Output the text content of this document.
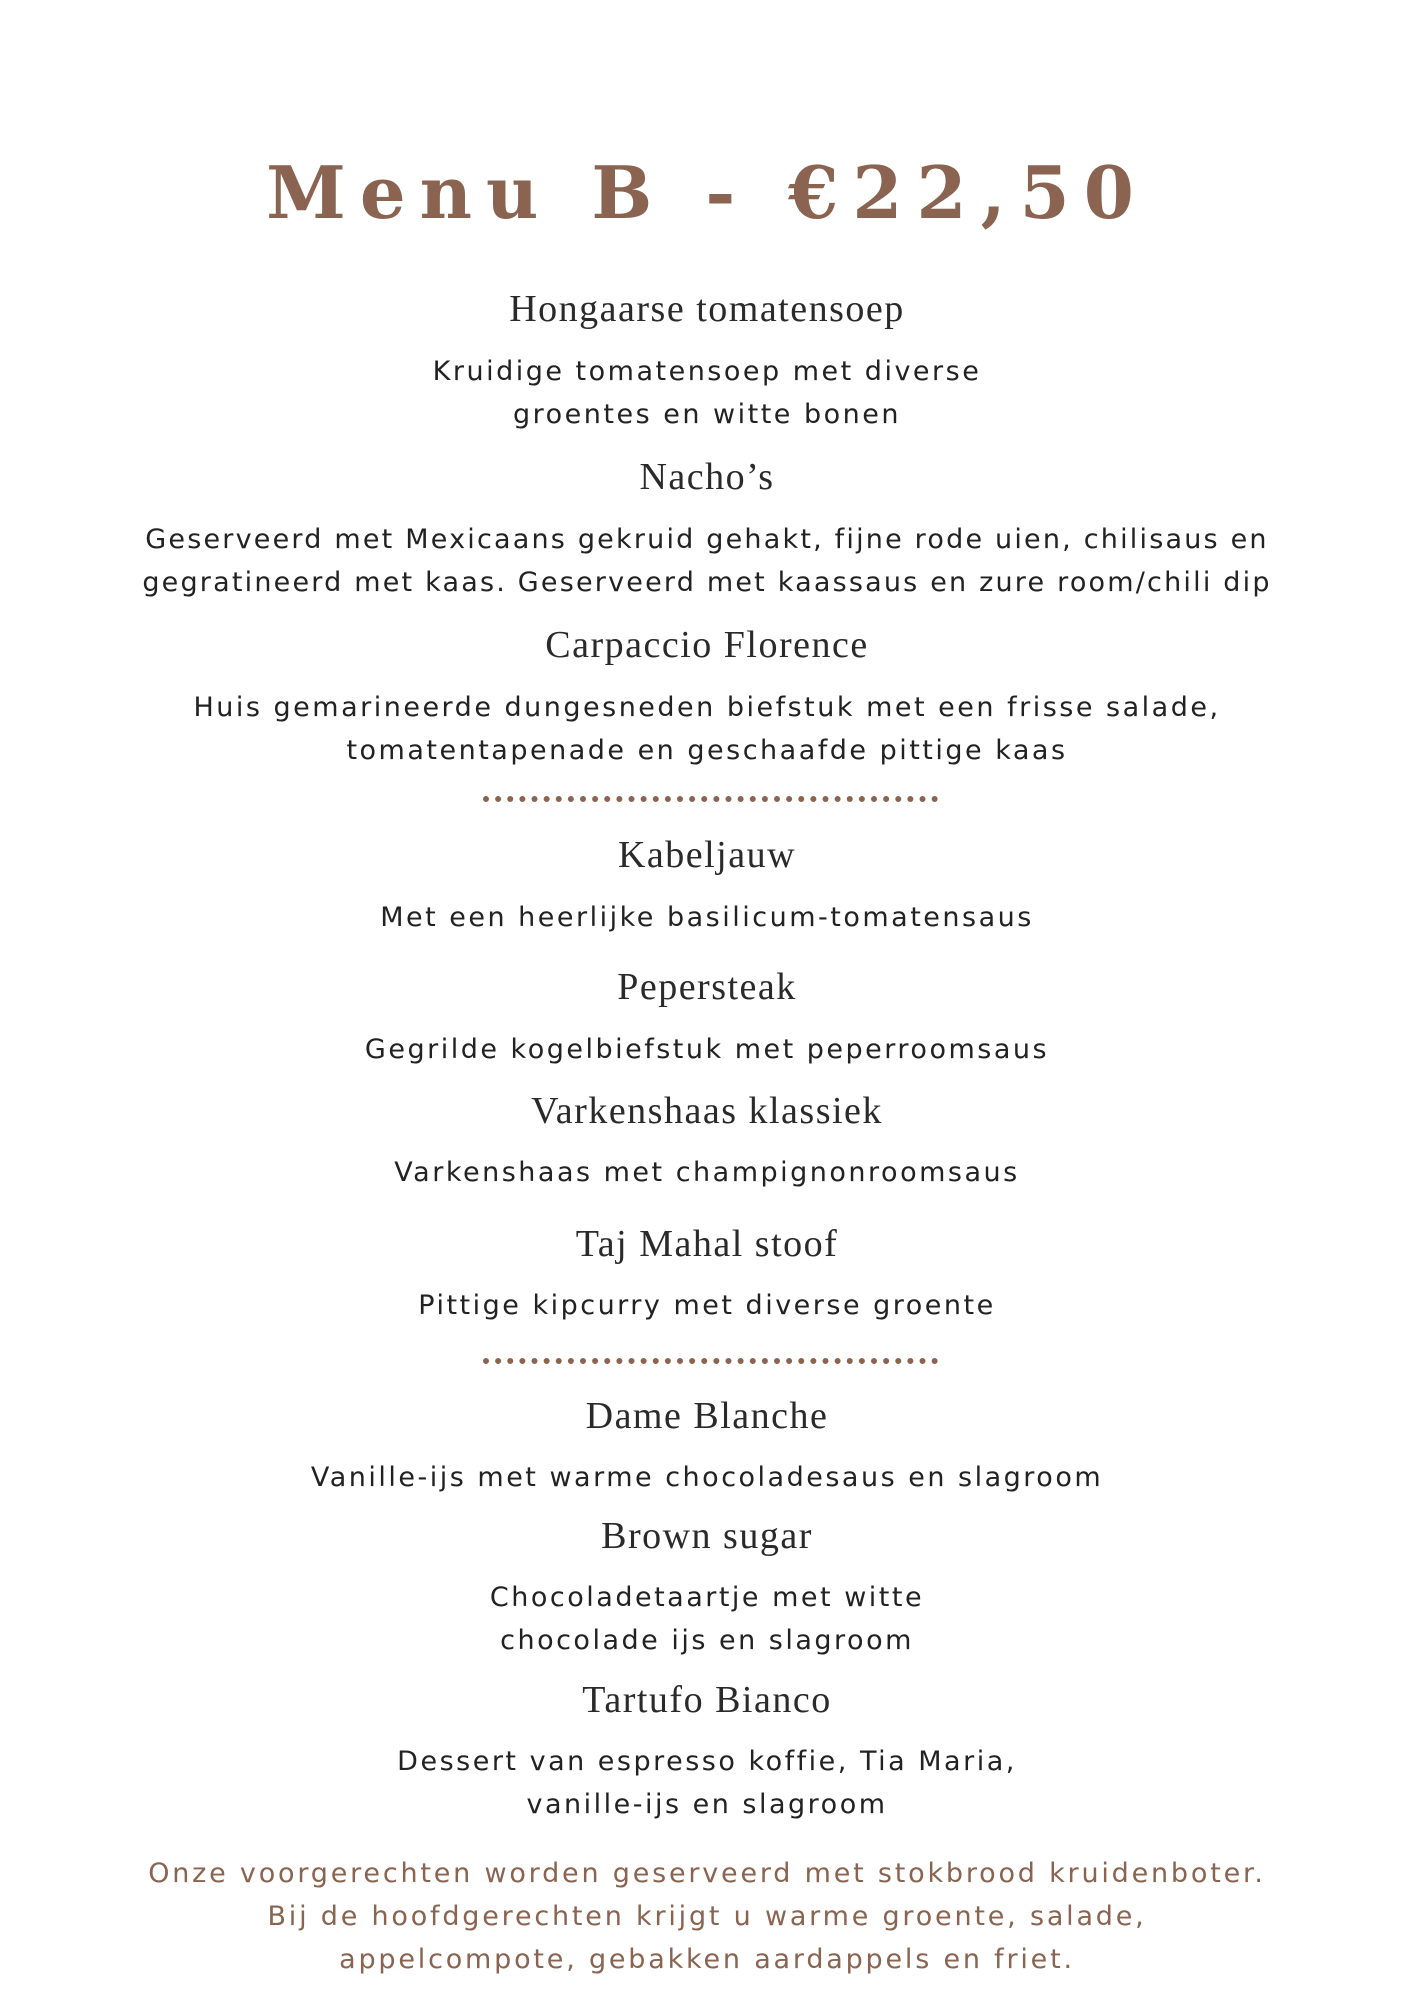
Menu B - €22,50
Hongaarse tomatensoep
Kruidige tomatensoep met diverse
groentes en witte bonen
Nacho’s
Geserveerd met Mexicaans gekruid gehakt, fijne rode uien, chilisaus en
gegratineerd met kaas. Geserveerd met kaassaus en zure room/chili dip
Carpaccio Florence
Huis gemarineerde dungesneden biefstuk met een frisse salade,
tomatentapenade en geschaafde pittige kaas
Kabeljauw
Met een heerlijke basilicum-tomatensaus
Pepersteak
Gegrilde kogelbiefstuk met peperroomsaus
Varkenshaas klassiek
Varkenshaas met champignonroomsaus
Taj Mahal stoof
Pittige kipcurry met diverse groente
Dame Blanche
Vanille-ijs met warme chocoladesaus en slagroom
Brown sugar
Chocoladetaartje met witte
chocolade ijs en slagroom
Tartufo Bianco
Dessert van espresso koffie, Tia Maria,
vanille-ijs en slagroom
Onze voorgerechten worden geserveerd met stokbrood kruidenboter.
Bij de hoofdgerechten krijgt u warme groente, salade,
appelcompote, gebakken aardappels en friet.
